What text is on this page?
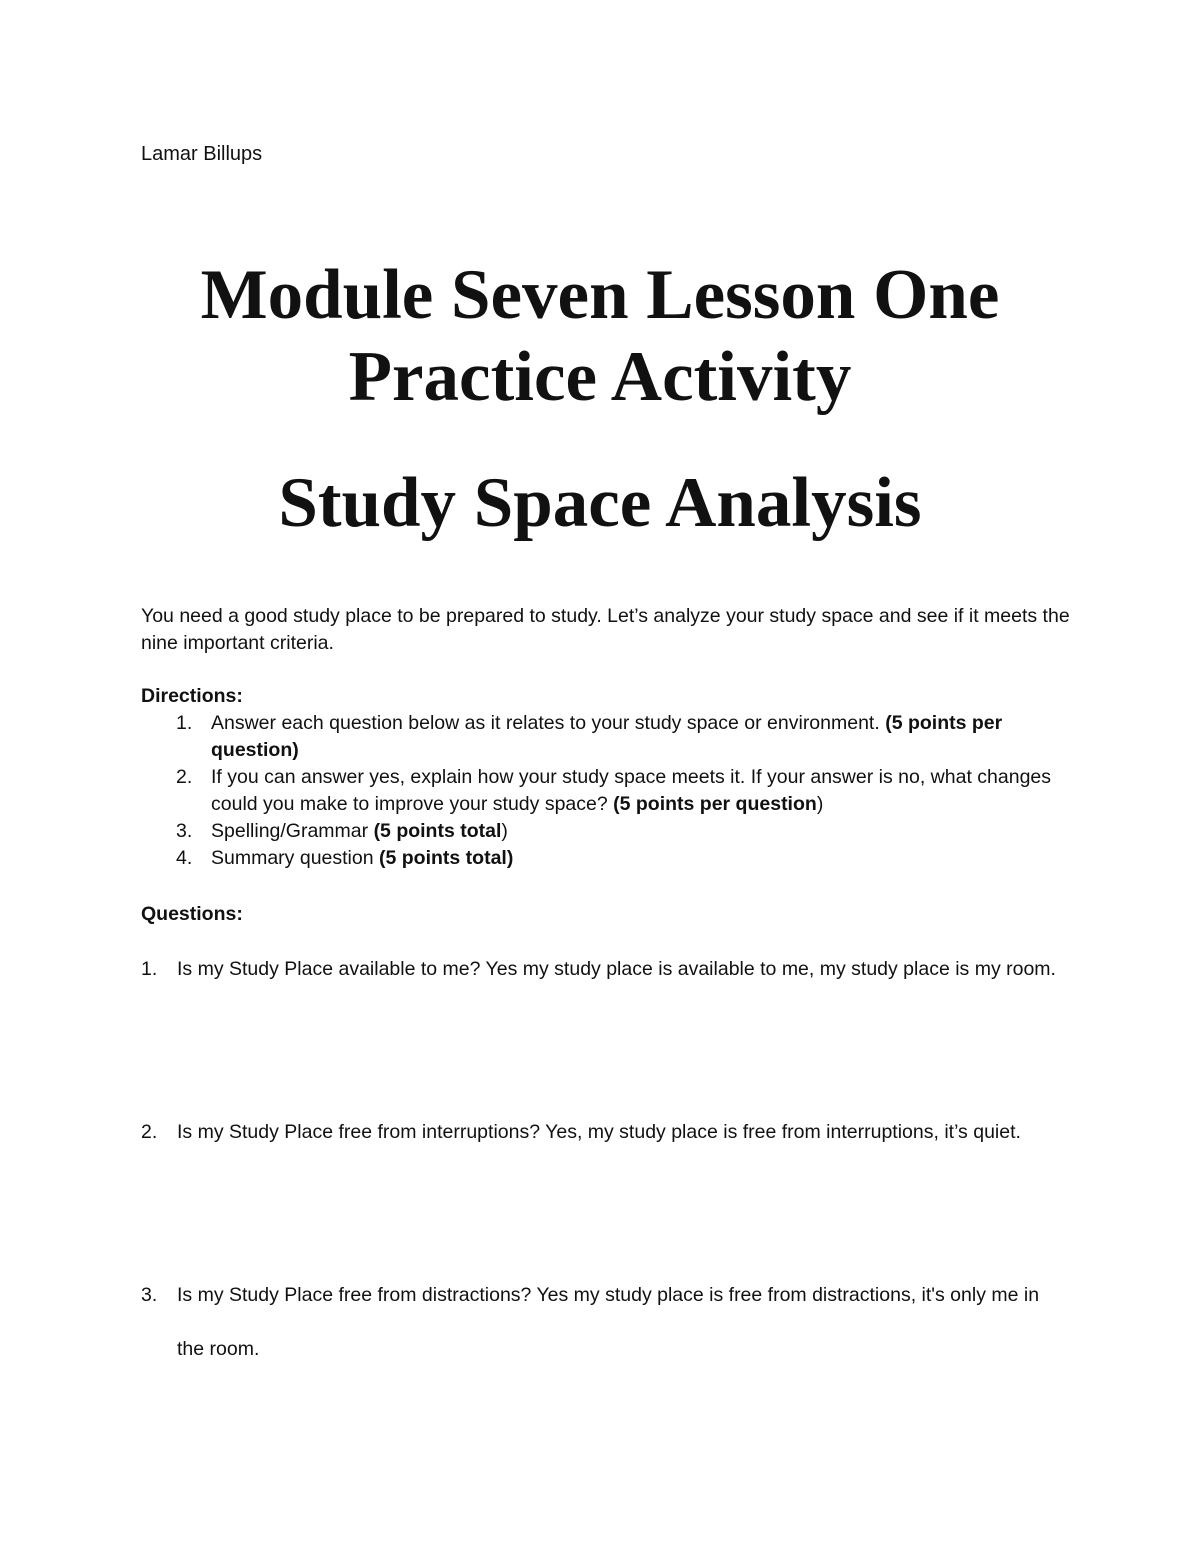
Lamar Billups
Module Seven Lesson One
Practice Activity
Study Space Analysis
You need a good study place to be prepared to study. Let’s analyze your study space and see if it meets the nine important criteria.
Directions:
1. Answer each question below as it relates to your study space or environment. (5 points per question)
2. If you can answer yes, explain how your study space meets it. If your answer is no, what changes could you make to improve your study space? (5 points per question)
3. Spelling/Grammar (5 points total)
4. Summary question (5 points total)
Questions:
1.	Is my Study Place available to me? Yes my study place is available to me, my study place is my room.
2.	Is my Study Place free from interruptions? Yes, my study place is free from interruptions, it’s quiet.
3.	Is my Study Place free from distractions? Yes my study place is free from distractions, it's only me in the room.
